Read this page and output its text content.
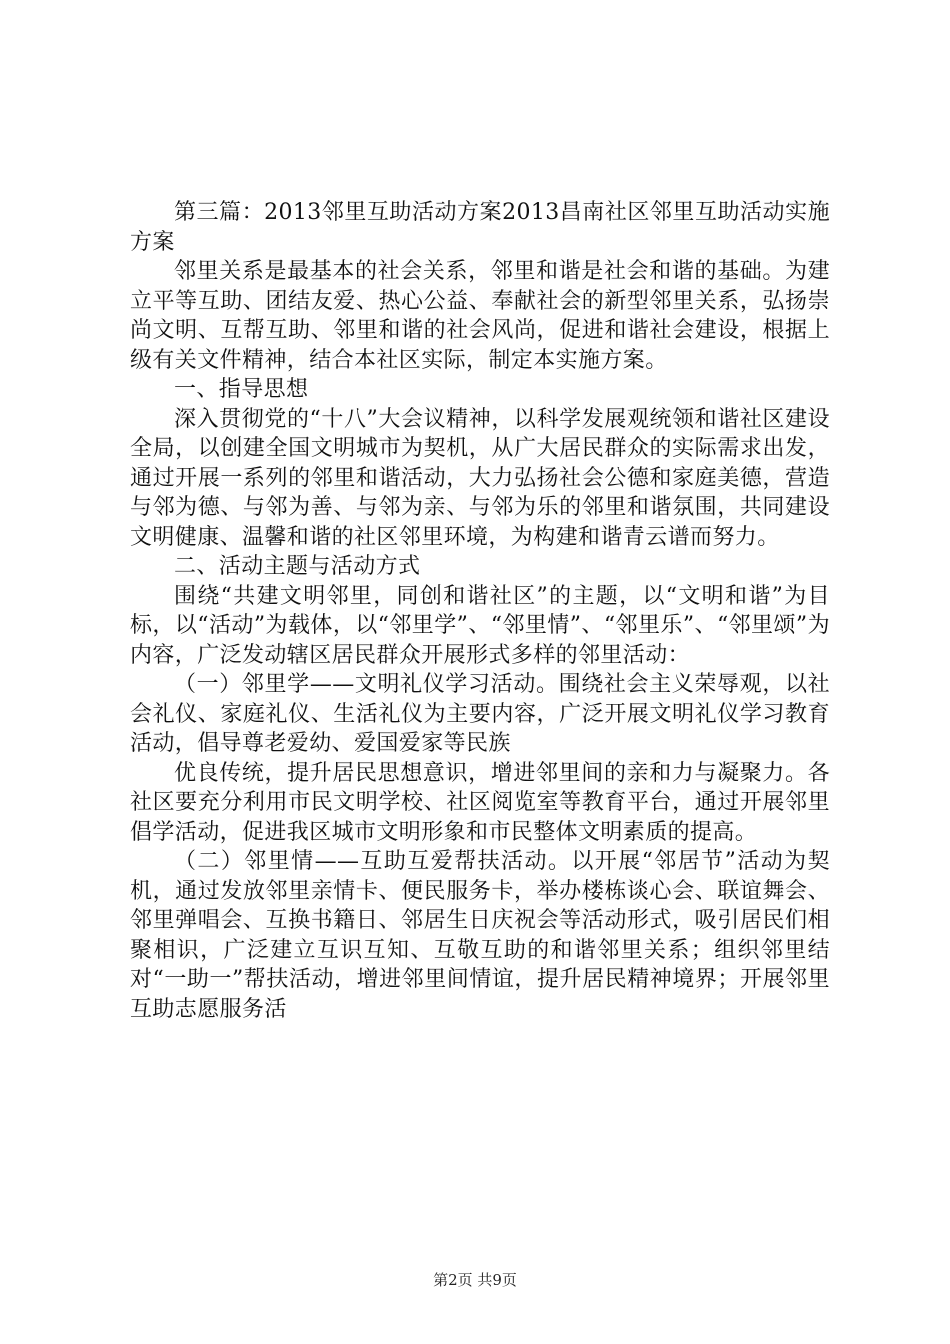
第三篇：2013邻里互助活动方案2013昌南社区邻里互助活动实施方案

邻里关系是最基本的社会关系，邻里和谐是社会和谐的基础。为建立平等互助、团结友爱、热心公益、奉献社会的新型邻里关系，弘扬崇尚文明、互帮互助、邻里和谐的社会风尚，促进和谐社会建设，根据上级有关文件精神，结合本社区实际，制定本实施方案。

一、指导思想

深入贯彻党的“十八”大会议精神，以科学发展观统领和谐社区建设全局，以创建全国文明城市为契机，从广大居民群众的实际需求出发，通过开展一系列的邻里和谐活动，大力弘扬社会公德和家庭美德，营造与邻为德、与邻为善、与邻为亲、与邻为乐的邻里和谐氛围，共同建设文明健康、温馨和谐的社区邻里环境，为构建和谐青云谱而努力。

二、活动主题与活动方式

围绕“共建文明邻里，同创和谐社区”的主题，以“文明和谐”为目标，以“活动”为载体，以“邻里学”、“邻里情”、“邻里乐”、“邻里颂”为内容，广泛发动辖区居民群众开展形式多样的邻里活动：

（一）邻里学——文明礼仪学习活动。围绕社会主义荣辱观，以社会礼仪、家庭礼仪、生活礼仪为主要内容，广泛开展文明礼仪学习教育活动，倡导尊老爱幼、爱国爱家等民族

优良传统，提升居民思想意识，增进邻里间的亲和力与凝聚力。各社区要充分利用市民文明学校、社区阅览室等教育平台，通过开展邻里倡学活动，促进我区城市文明形象和市民整体文明素质的提高。

（二）邻里情——互助互爱帮扶活动。以开展“邻居节”活动为契机，通过发放邻里亲情卡、便民服务卡，举办楼栋谈心会、联谊舞会、邻里弹唱会、互换书籍日、邻居生日庆祝会等活动形式，吸引居民们相聚相识，广泛建立互识互知、互敬互助的和谐邻里关系；组织邻里结对“一助一”帮扶活动，增进邻里间情谊，提升居民精神境界；开展邻里互助志愿服务活

第2页 共9页
